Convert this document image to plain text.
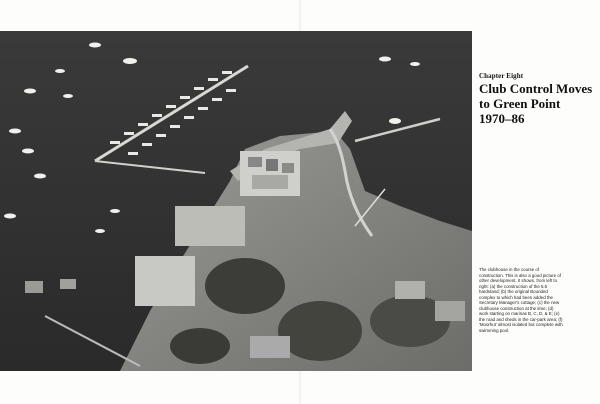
Chapter Eight
Club Control Moves
to Green Point
1970–86
The clubhouse in the course of construction. This is also a good picture of other development. It shows, from left to right: (a) the construction of the 5.5 hardstand; (b) the original Bounded complex to which had been added the Secretary Manager's cottage; (c) the new clubhouse construction at the time; (d) work starting on marinas B, C, D, & E; (e) the road and sheds in the car-park area; (f) 'Moorhut' almost isolated but complete with swimming pool.
